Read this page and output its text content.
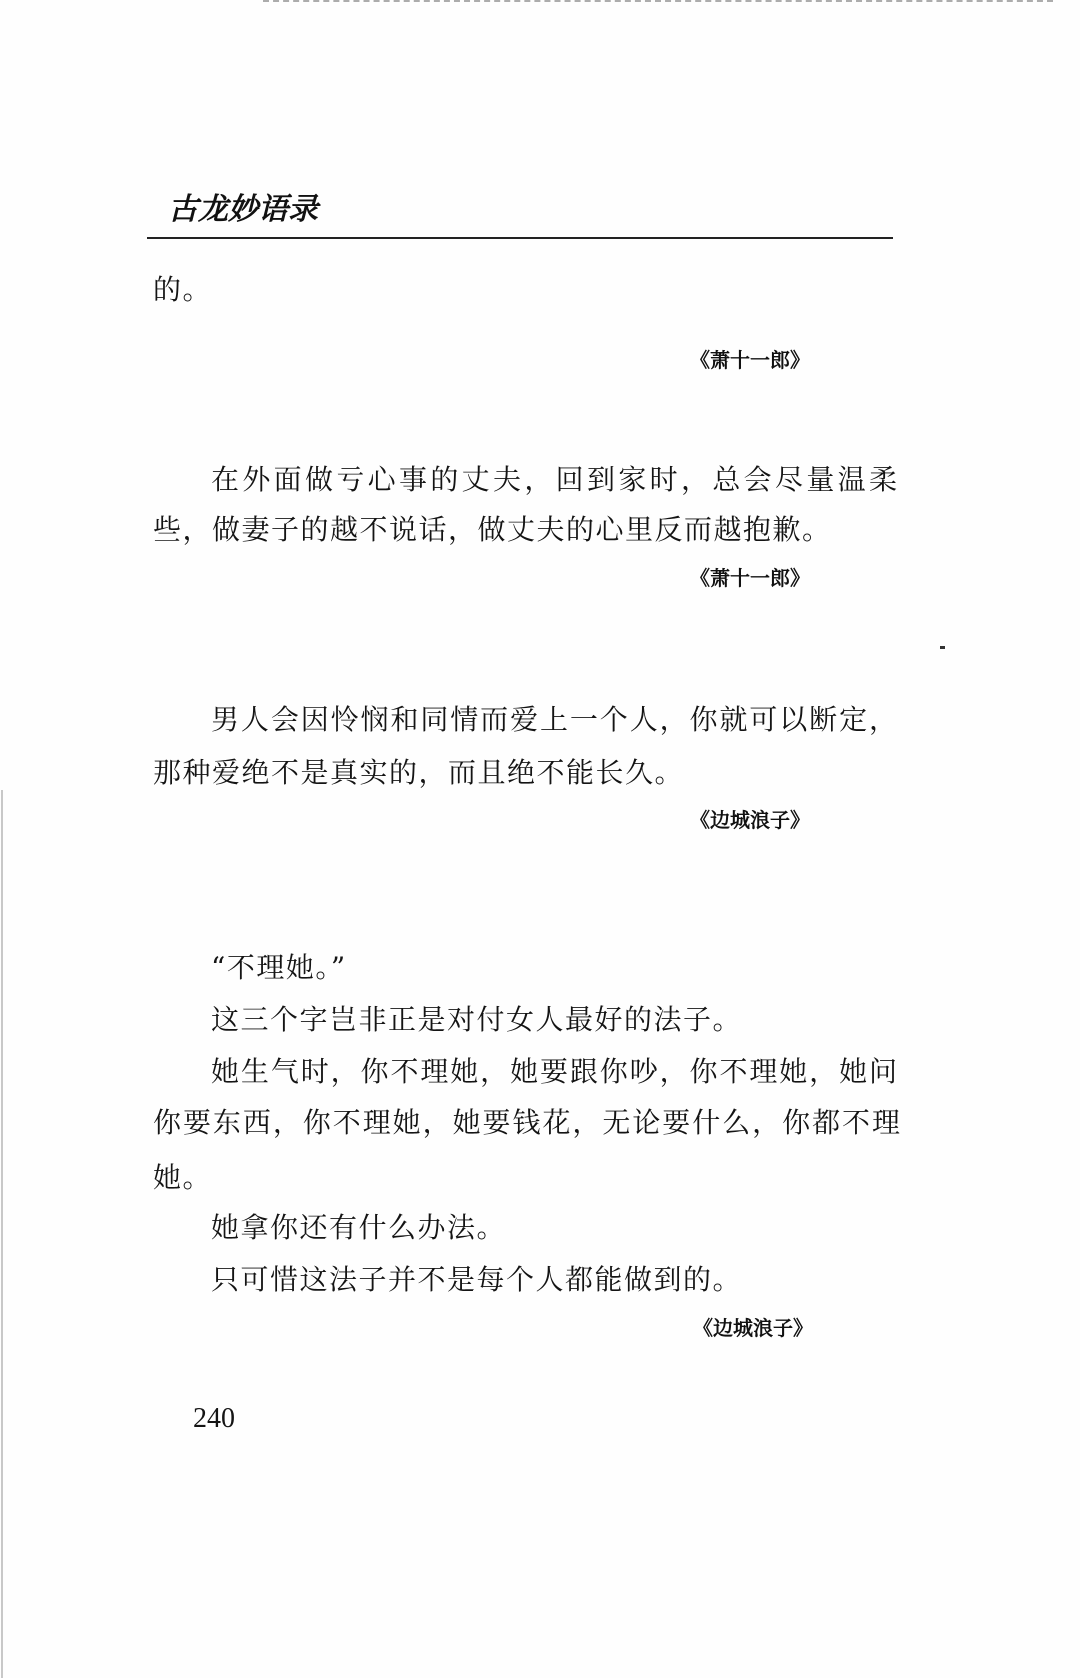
古龙妙语录
的。
《萧十一郎》
在外面做亏心事的丈夫，回到家时，总会尽量温柔
些，做妻子的越不说话，做丈夫的心里反而越抱歉。
《萧十一郎》
男人会因怜悯和同情而爱上一个人，你就可以断定，
那种爱绝不是真实的，而且绝不能长久。
《边城浪子》
“不理她。”
这三个字岂非正是对付女人最好的法子。
她生气时，你不理她，她要跟你吵，你不理她，她问
你要东西，你不理她，她要钱花，无论要什么，你都不理
她。
她拿你还有什么办法。
只可惜这法子并不是每个人都能做到的。
《边城浪子》
240
